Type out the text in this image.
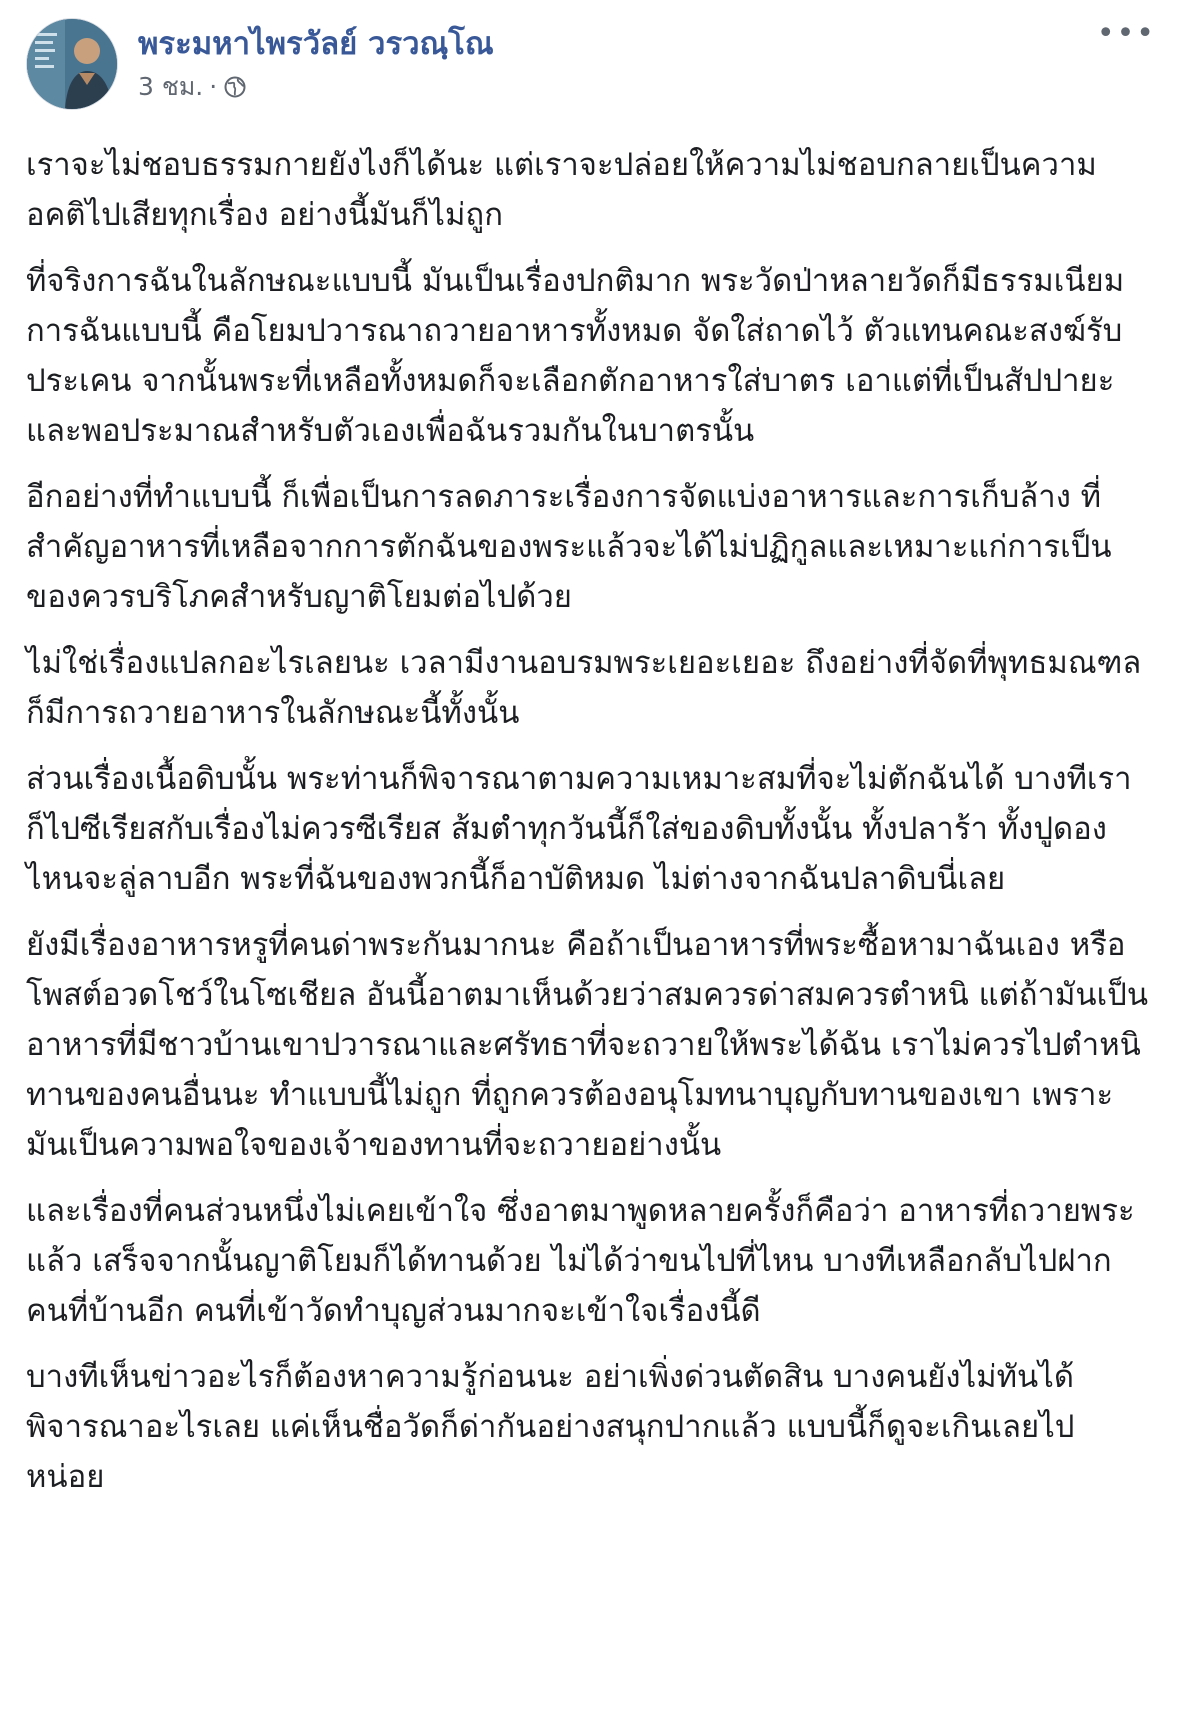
พระมหาไพรวัลย์ วรวณฺโณ
3 ชม. ·
•••

เราจะไม่ชอบธรรมกายยังไงก็ได้นะ แต่เราจะปล่อยให้ความไม่ชอบกลายเป็นความอคติไปเสียทุกเรื่อง อย่างนี้มันก็ไม่ถูก

ที่จริงการฉันในลักษณะแบบนี้ มันเป็นเรื่องปกติมาก พระวัดป่าหลายวัดก็มีธรรมเนียมการฉันแบบนี้ คือโยมปวารณาถวายอาหารทั้งหมด จัดใส่ถาดไว้ ตัวแทนคณะสงฆ์รับประเคน จากนั้นพระที่เหลือทั้งหมดก็จะเลือกตักอาหารใส่บาตร เอาแต่ที่เป็นสัปปายะและพอประมาณสำหรับตัวเองเพื่อฉันรวมกันในบาตรนั้น

อีกอย่างที่ทำแบบนี้ ก็เพื่อเป็นการลดภาระเรื่องการจัดแบ่งอาหารและการเก็บล้าง ที่สำคัญอาหารที่เหลือจากการตักฉันของพระแล้วจะได้ไม่ปฏิกูลและเหมาะแก่การเป็นของควรบริโภคสำหรับญาติโยมต่อไปด้วย

ไม่ใช่เรื่องแปลกอะไรเลยนะ เวลามีงานอบรมพระเยอะเยอะ ถึงอย่างที่จัดที่พุทธมณฑล ก็มีการถวายอาหารในลักษณะนี้ทั้งนั้น

ส่วนเรื่องเนื้อดิบนั้น พระท่านก็พิจารณาตามความเหมาะสมที่จะไม่ตักฉันได้ บางทีเราก็ไปซีเรียสกับเรื่องไม่ควรซีเรียส ส้มตำทุกวันนี้ก็ใส่ของดิบทั้งนั้น ทั้งปลาร้า ทั้งปูดอง ไหนจะลู่ลาบอีก พระที่ฉันของพวกนี้ก็อาบัติหมด ไม่ต่างจากฉันปลาดิบนี่เลย

ยังมีเรื่องอาหารหรูที่คนด่าพระกันมากนะ คือถ้าเป็นอาหารที่พระซื้อหามาฉันเอง หรือโพสต์อวดโชว์ในโซเชียล อันนี้อาตมาเห็นด้วยว่าสมควรด่าสมควรตำหนิ แต่ถ้ามันเป็นอาหารที่มีชาวบ้านเขาปวารณาและศรัทธาที่จะถวายให้พระได้ฉัน เราไม่ควรไปตำหนิทานของคนอื่นนะ ทำแบบนี้ไม่ถูก ที่ถูกควรต้องอนุโมทนาบุญกับทานของเขา เพราะมันเป็นความพอใจของเจ้าของทานที่จะถวายอย่างนั้น

และเรื่องที่คนส่วนหนึ่งไม่เคยเข้าใจ ซึ่งอาตมาพูดหลายครั้งก็คือว่า อาหารที่ถวายพระแล้ว เสร็จจากนั้นญาติโยมก็ได้ทานด้วย ไม่ได้ว่าขนไปที่ไหน บางทีเหลือกลับไปฝากคนที่บ้านอีก คนที่เข้าวัดทำบุญส่วนมากจะเข้าใจเรื่องนี้ดี

บางทีเห็นข่าวอะไรก็ต้องหาความรู้ก่อนนะ อย่าเพิ่งด่วนตัดสิน บางคนยังไม่ทันได้พิจารณาอะไรเลย แค่เห็นชื่อวัดก็ด่ากันอย่างสนุกปากแล้ว แบบนี้ก็ดูจะเกินเลยไปหน่อย
